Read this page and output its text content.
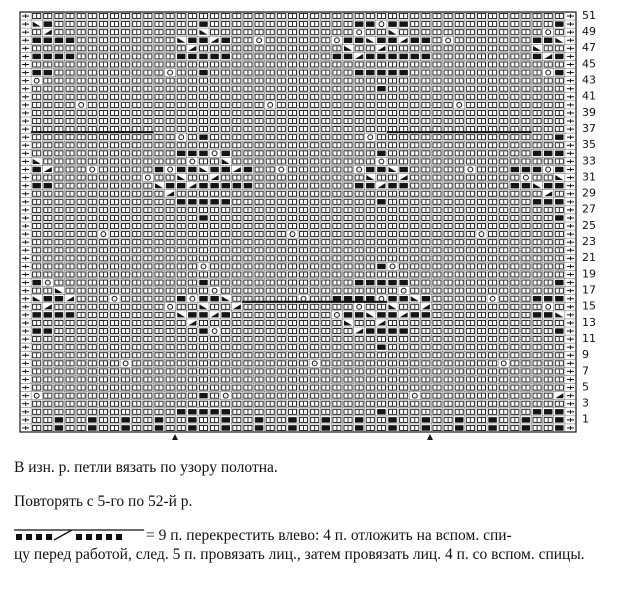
51
49
47
45
43
41
39
37
35
33
31
29
27
25
23
21
19
17
15
13
11
9
7
5
3
1

В изн. р. петли вязать по узору полотна.

Повторять с 5-го по 52-й р.

= 9 п. перекрестить влево: 4 п. отложить на вспом. спи-
цу перед работой, след. 5 п. провязать лиц., затем провязать лиц. 4 п. со вспом. спицы.
